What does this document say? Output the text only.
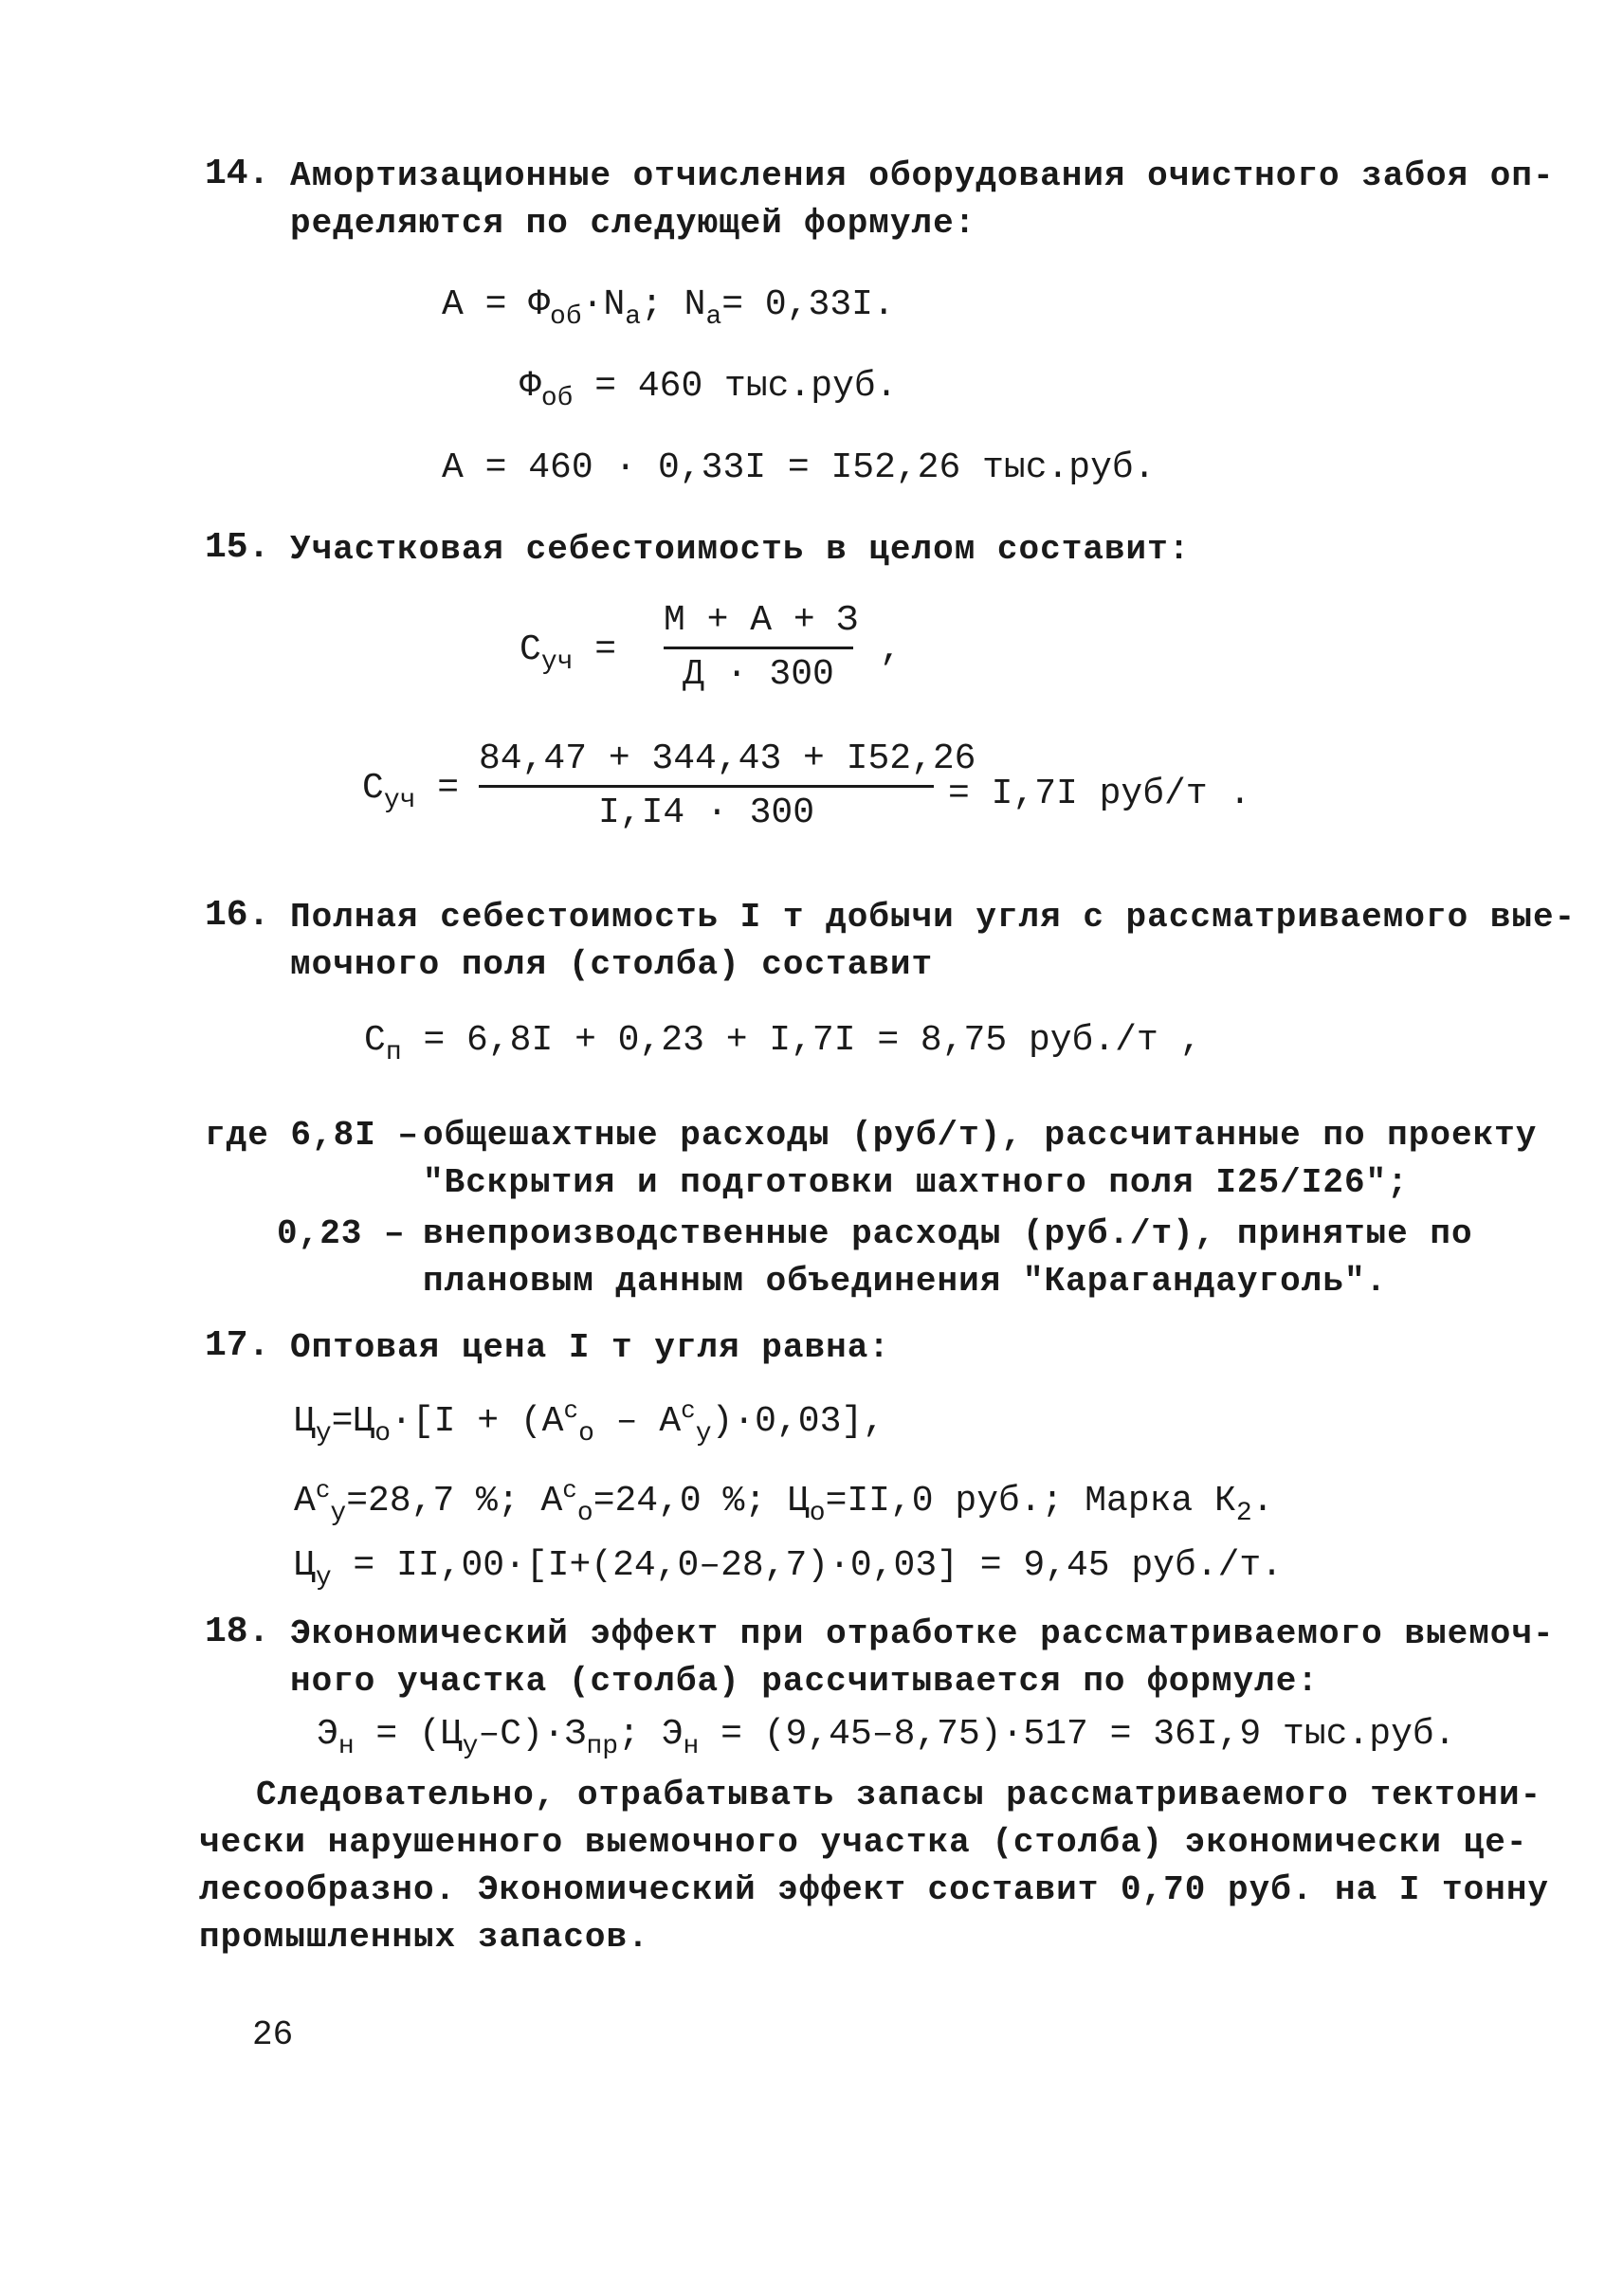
14. Амортизационные отчисления оборудования очистного забоя оп-
ределяются по следующей формуле:
$А = Ф_{об}\cdot N_а$; $N_а= 0,33I$.
$Ф_{об} = 460$ тыс.руб.
А = 460 · 0,33I = I52,26 тыс.руб.
15. Участковая себестоимость в целом составит:
$С_{уч}$ =
М + А + З
Д · 300
,
$С_{уч}$ =
84,47 + 344,43 + I52,26
I,I4 · 300	= I,7I руб/т .
16. Полная себестоимость I т добычи угля с рассматриваемого вые-
мочного поля (столба) составит
$С_п = 6,8I + 0,23 + I,7I = 8,75$ руб./т ,
где 6,8I – общешахтные расходы (руб/т), рассчитанные по проекту
"Вскрытия и подготовки шахтного поля I25/I26";
0,23 – внепроизводственные расходы (руб./т), принятые по
плановым данным объединения "Карагандауголь".
17. Оптовая цена I т угля равна:
$Ц_у=Ц_о\cdot[I + (A^с_о - A^с_у)\cdot 0,03]$,
$A^с_у=28,7$ %; $A^с_о=24,0$ %; $Ц_о=II,0$ руб.; Марка $К_2$.
$Ц_у = II,00\cdot[I+(24,0-28,7)\cdot 0,03] = 9,45$ руб./т.
18. Экономический эффект при отработке рассматриваемого выемоч-
ного участка (столба) рассчитывается по формуле:
$Э_н = (Ц_у-С)\cdot З_{пр}$; $Э_н = (9,45-8,75)\cdot 517 = 36I,9$ тыс.руб.
Следовательно, отрабатывать запасы рассматриваемого тектони-
чески нарушенного выемочного участка (столба) экономически це-
лесообразно. Экономический эффект составит 0,70 руб. на I тонну
промышленных запасов.
26
